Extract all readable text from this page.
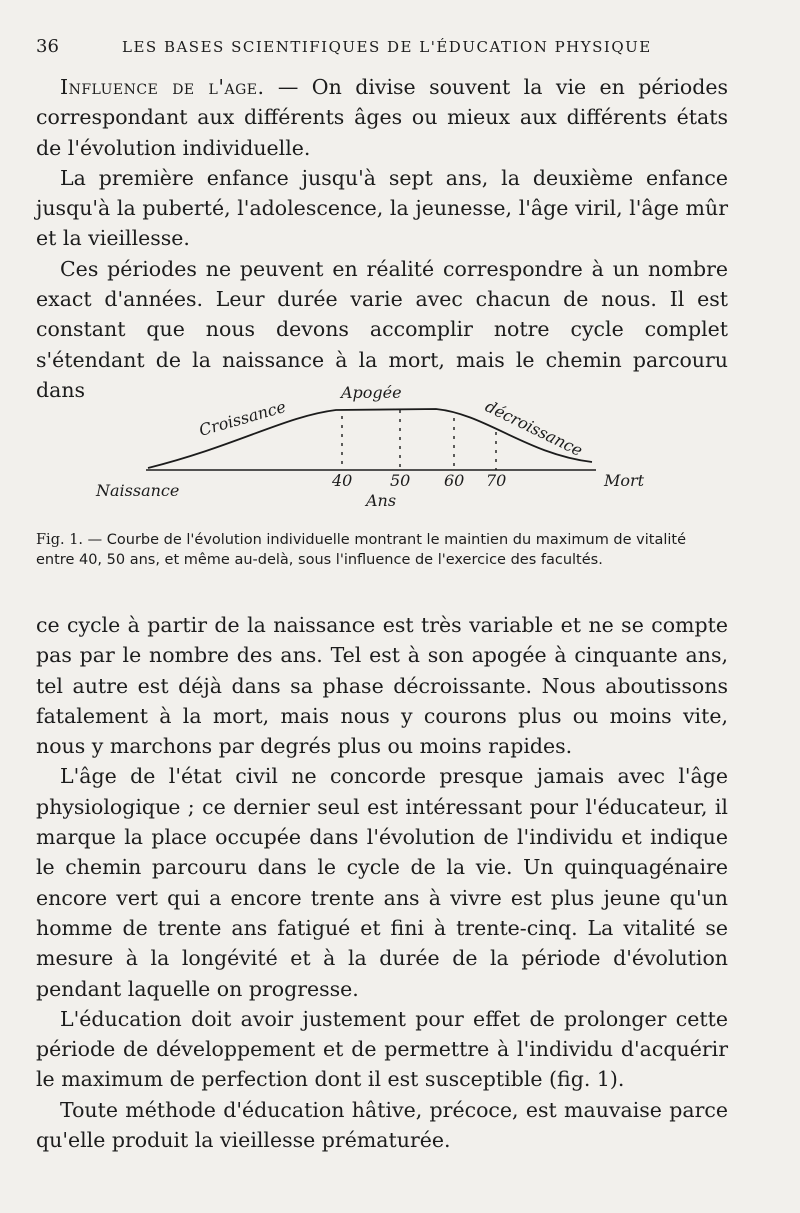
36	LES BASES SCIENTIFIQUES DE L'ÉDUCATION PHYSIQUE

Influence de l'age. — On divise souvent la vie en périodes correspondant aux différents âges ou mieux aux différents états de l'évolution individuelle.

La première enfance jusqu'à sept ans, la deuxième enfance jusqu'à la puberté, l'adolescence, la jeunesse, l'âge viril, l'âge mûr et la vieillesse.

Ces périodes ne peuvent en réalité correspondre à un nombre exact d'années. Leur durée varie avec chacun de nous. Il est constant que nous devons accomplir notre cycle complet s'étendant de la naissance à la mort, mais le chemin parcouru dans

Croissance
Apogée
décroissance
40 50 60 70
Naissance
Mort
Ans
Fig. 1. — Courbe de l'évolution individuelle montrant le maintien du maximum de vitalité entre 40, 50 ans, et même au-delà, sous l'influence de l'exercice des facultés.

ce cycle à partir de la naissance est très variable et ne se compte pas par le nombre des ans. Tel est à son apogée à cinquante ans, tel autre est déjà dans sa phase décroissante. Nous aboutissons fatalement à la mort, mais nous y courons plus ou moins vite, nous y marchons par degrés plus ou moins rapides.

L'âge de l'état civil ne concorde presque jamais avec l'âge physiologique ; ce dernier seul est intéressant pour l'éducateur, il marque la place occupée dans l'évolution de l'individu et indique le chemin parcouru dans le cycle de la vie. Un quinquagénaire encore vert qui a encore trente ans à vivre est plus jeune qu'un homme de trente ans fatigué et fini à trente-cinq. La vitalité se mesure à la longévité et à la durée de la période d'évolution pendant laquelle on progresse.

L'éducation doit avoir justement pour effet de prolonger cette période de développement et de permettre à l'individu d'acquérir le maximum de perfection dont il est susceptible (fig. 1).

Toute méthode d'éducation hâtive, précoce, est mauvaise parce qu'elle produit la vieillesse prématurée.
